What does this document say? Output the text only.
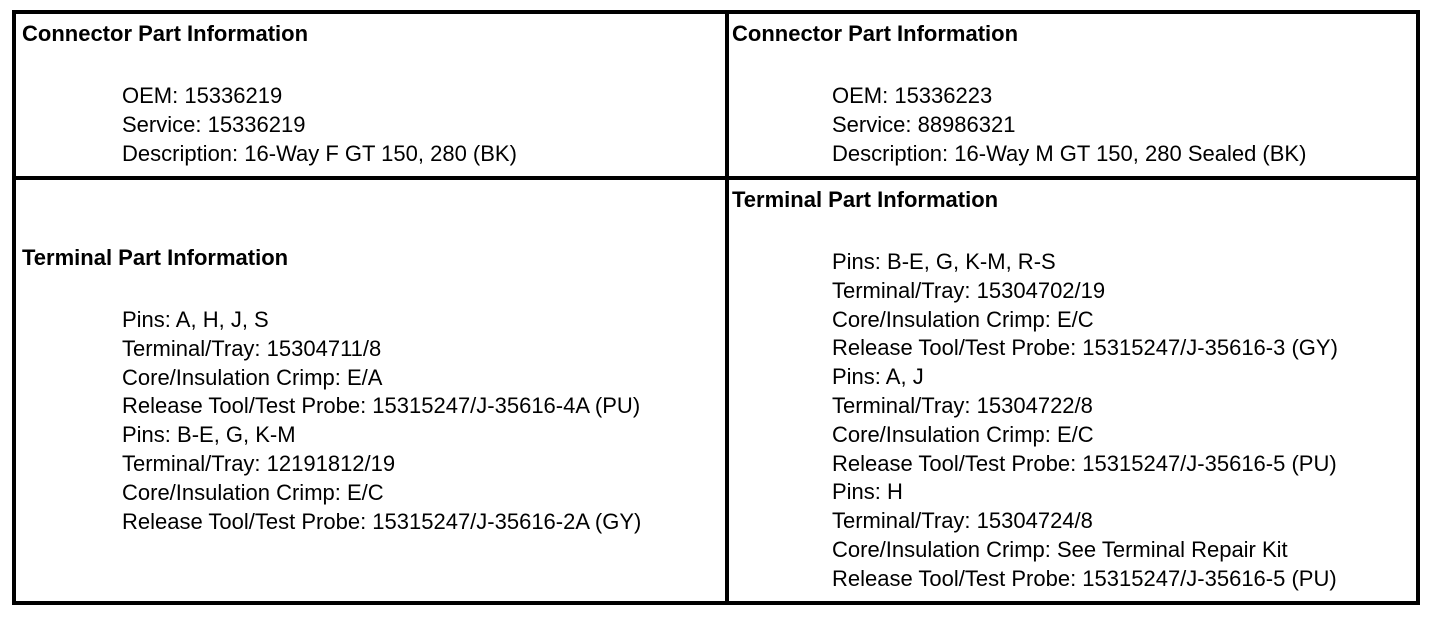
Connector Part Information
OEM: 15336219
Service: 15336219
Description: 16-Way F GT 150, 280 (BK)
Connector Part Information
OEM: 15336223
Service: 88986321
Description: 16-Way M GT 150, 280 Sealed (BK)
Terminal Part Information
Pins: A, H, J, S
Terminal/Tray: 15304711/8
Core/Insulation Crimp: E/A
Release Tool/Test Probe: 15315247/J-35616-4A (PU)
Pins: B-E, G, K-M
Terminal/Tray: 12191812/19
Core/Insulation Crimp: E/C
Release Tool/Test Probe: 15315247/J-35616-2A (GY)
Terminal Part Information
Pins: B-E, G, K-M, R-S
Terminal/Tray: 15304702/19
Core/Insulation Crimp: E/C
Release Tool/Test Probe: 15315247/J-35616-3 (GY)
Pins: A, J
Terminal/Tray: 15304722/8
Core/Insulation Crimp: E/C
Release Tool/Test Probe: 15315247/J-35616-5 (PU)
Pins: H
Terminal/Tray: 15304724/8
Core/Insulation Crimp: See Terminal Repair Kit
Release Tool/Test Probe: 15315247/J-35616-5 (PU)
